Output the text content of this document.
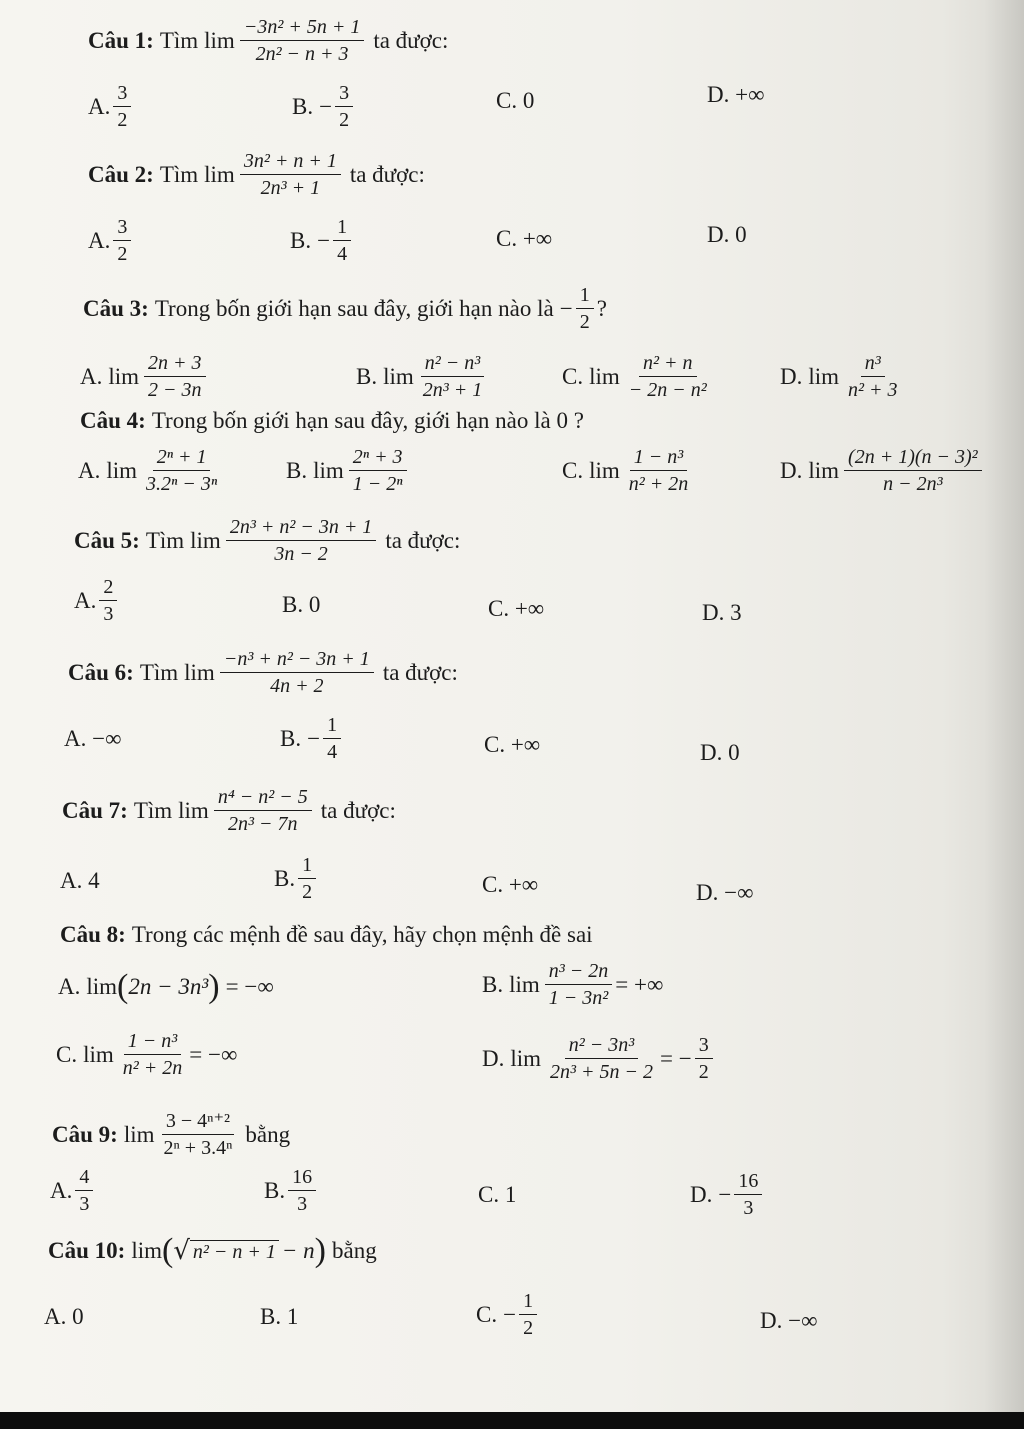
Câu 1: Tìm $\lim \frac{\text{−3n² + 5n + 1}}{\text{2n² − n + 3}}$ ta được:
A. $\frac{3}{2}$	B. − $\frac{3}{2}$	C. 0	D. +∞
Câu 2: Tìm $\lim \frac{\text{3n² + n + 1}}{\text{2n³ + 1}}$ ta được:
A. $\frac{3}{2}$	B. − $\frac{1}{4}$	C. +∞	D. 0
Câu 3: Trong bốn giới hạn sau đây, giới hạn nào là − $\frac{1}{2}$ ?
A. $\lim \frac{2n + 3}{2 - 3n}$	B. $\lim \frac{\text{n² − n³}}{\text{2n³ + 1}}$	C. $\lim \frac{\text{n² + n}}{\text{− 2n − n²}}$	D. $\lim \frac{\text{n³}}{\text{n² + 3}}$
Câu 4: Trong bốn giới hạn sau đây, giới hạn nào là 0 ?
A. $\lim \frac{\text{2ⁿ + 1}}{\text{3.2ⁿ − 3ⁿ}}$	B. $\lim \frac{\text{2ⁿ + 3}}{\text{1 − 2ⁿ}}$	C. $\lim \frac{\text{1 − n³}}{\text{n² + 2n}}$	D. $\lim \frac{\text{(2n + 1)(n − 3)²}}{\text{n − 2n³}}$
Câu 5: Tìm $\lim \frac{\text{2n³ + n² − 3n + 1}}{3n - 2}$ ta được:
A. $\frac{2}{3}$	B. 0	C. +∞	D. 3
Câu 6: Tìm $\lim \frac{\text{−n³ + n² − 3n + 1}}{4n + 2}$ ta được:
A. −∞	B. − $\frac{1}{4}$	C. +∞	D. 0
Câu 7: Tìm $\lim \frac{\text{n⁴ − n² − 5}}{\text{2n³ − 7n}}$ ta được:
A. 4	B. $\frac{1}{2}$	C. +∞	D. −∞
Câu 8: Trong các mệnh đề sau đây, hãy chọn mệnh đề sai
A. lim ( 2n − 3n³ ) = −∞	B. $\lim \frac{\text{n³ − 2n}}{\text{1 − 3n²}}$ = +∞
C. $\lim \frac{\text{1 − n³}}{\text{n² + 2n}}$ = −∞	D. $\lim \frac{\text{n² − 3n³}}{\text{2n³ + 5n − 2}}$ = − $\frac{3}{2}$
Câu 9: $\lim \frac{\text{3 − 4ⁿ⁺²}}{\text{2ⁿ + 3.4ⁿ}}$ bằng
A. $\frac{4}{3}$	B. $\frac{16}{3}$	C. 1	D. − $\frac{16}{3}$
Câu 10: lim ( √ n² − n + 1 − n ) bằng
A. 0	B. 1	C. − $\frac{1}{2}$	D. −∞
